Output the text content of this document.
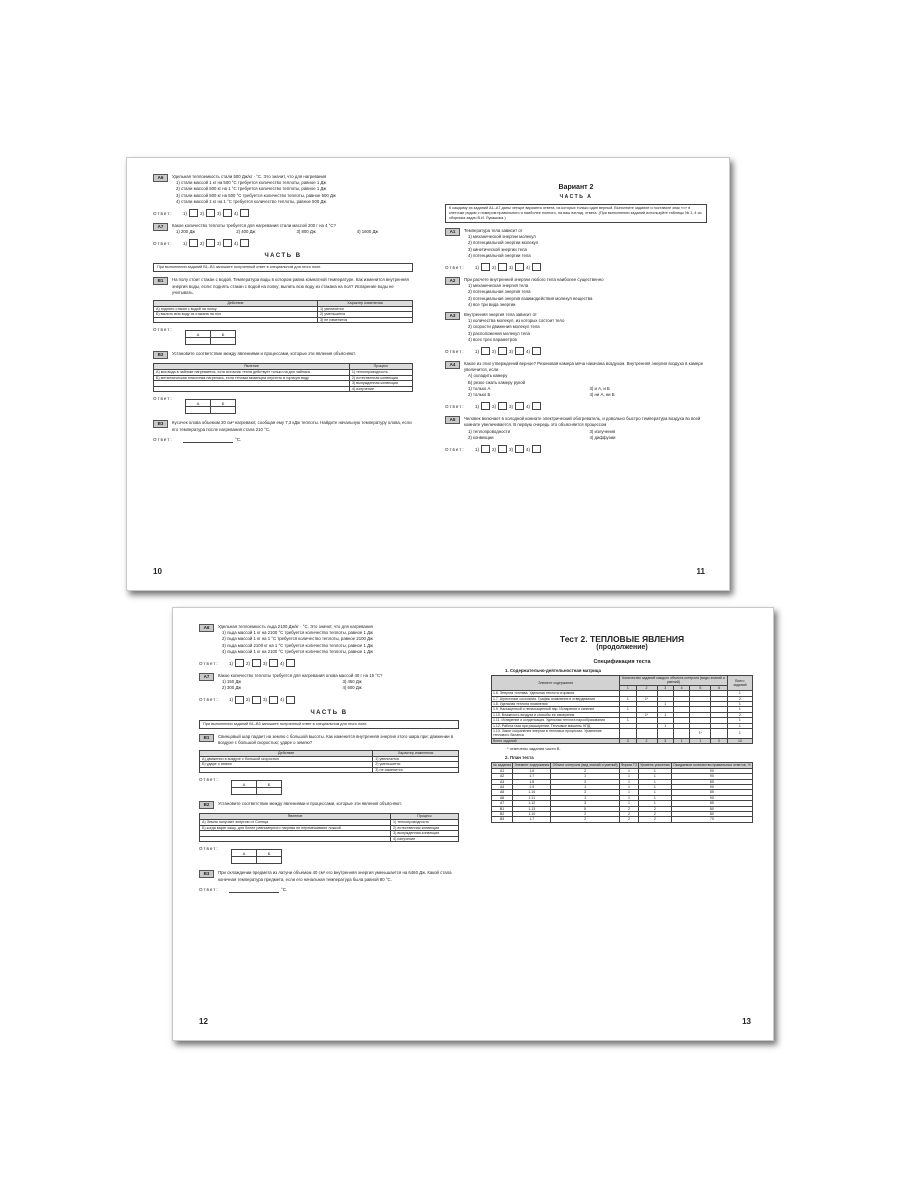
А6	Удельная теплоемкость стали 500 Дж/кг · °С. Это значит, что для нагревания
1) стали массой 1 кг на 500 °С требуется количество теплоты, равное 1 Дж
2) стали массой 500 кг на 1 °С требуется количество теплоты, равное 1 Дж
3) стали массой 500 кг на 500 °С требуется количество теплоты, равное 500 Дж
4) стали массой 1 кг на 1 °С требуется количество теплоты, равное 500 Дж
Ответ:	1)	2)	3)	4)
А7	Какое количество теплоты требуется для нагревания стали массой 200 г на 4 °С?
1) 200 Дж	2) 400 Дж	3) 800 Дж	4) 1600 Дж
Ответ:	1)	2)	3)	4)
ЧАСТЬ В
При выполнении заданий В1–В3 запишите полученный ответ в специальном для этого поле.
В1	На полу стоит стакан с водой. Температура воды в котором равна комнатной температуре. Как изменится внутренняя энергия воды, если: поднять стакан с водой на полку; вылить всю воду из стакана на пол? Испарение воды не учитывать.
Действие	Характер изменения
А) поднять стакан с водой на полку	1) увеличится
Б) вылить всю воду из стакана на пол	2) уменьшится
	3) не изменится
Ответ:
А	Б

В2	Установите соответствие между явлениями и процессами, которые эти явления объясняют.
Явление	Процесс
А) вся вода в чайнике нагревается, хотя источник тепла действует только на дно чайника	1) теплопроводность
Б) металлическая пластинка нагрелась, если теплым мизинцем опустить в горячую воду	2) естественная конвекция
	3) вынужденная конвекция
	4) излучение
Ответ:
А	Б

В3	Кусочек олова объемом 20 см³ нагревают, сообщая ему 7,3 кДж теплоты. Найдите начальную температуру олова, если его температура после нагревания стала 210 °С.
Ответ:	°С.
10
Вариант 2
ЧАСТЬ А
К каждому из заданий А1–А7 даны четыре варианта ответа, из которых только один верный. Выполните задание и поставьте знак «×» в клеточке рядом с номером правильного и наиболее полного, на ваш взгляд, ответа. (При выполнении заданий используйте таблицы № 1, 4 из сборника задач В.И. Лукашика.)
А1	Температура тела зависит от
1) механической энергии молекул
2) потенциальной энергии молекул
3) кинетической энергии тела
4) потенциальной энергии тела
Ответ:	1)	2)	3)	4)
А2	При расчете внутренней энергии любого тела наиболее существенно
1) механическая энергия тела
2) потенциальная энергия тела
3) потенциальная энергия взаимодействия молекул вещества
4) все три вида энергии
А3	Внутренняя энергия тела зависит от
1) количества молекул, из которых состоит тело
2) скорости движения молекул тела
3) расположения молекул тела
4) всех трех параметров
Ответ:	1)	2)	3)	4)
А4	Какое из этих утверждений верное? Резиновая камера мяча накачана воздухом. Внутренняя энергия воздуха в камере увеличится, если
А) охладить камеру
Б) резко сжать камеру рукой
1) только А
2) только Б
3) и А, и Б
4) ни А, ни Б
Ответ:	1)	2)	3)	4)
А5	Человек включает в холодной комнате электрический обогреватель, и довольно быстро температура воздуха во всей комнате увеличивается. В первую очередь это объясняется процессом
1) теплопроводности
2) конвекции
3) излучения
4) диффузии
Ответ:	1)	2)	3)	4)
11
А6	Удельная теплоемкость льда 2100 Дж/кг · °С. Это значит, что для нагревания
1) льда массой 1 кг на 2100 °С требуется количество теплоты, равное 1 Дж
2) льда массой 1 кг на 1 °С требуется количество теплоты, равное 2100 Дж
3) льда массой 2100 кг на 1 °С требуется количество теплоты, равное 1 Дж
4) льда массой 1 кг на 2100 °С требуется количество теплоты, равное 1 Дж
Ответ:	1)	2)	3)	4)
А7	Какое количество теплоты требуется для нагревания олова массой 40 г на 15 °С?
1) 150 Дж
2) 300 Дж
3) 450 Дж
4) 600 Дж
Ответ:	1)	2)	3)	4)
ЧАСТЬ В
При выполнении заданий В1–В3 запишите полученный ответ в специальном для этого поле.
В1	Свинцовый шар падает на землю с большой высоты. Как изменится внутренняя энергия этого шара при: движении в воздухе с большой скоростью; ударе о землю?
Действие	Характер изменения
А) движении в воздухе с большой скоростью	1) увеличится
Б) ударе о землю	2) уменьшится
	3) не изменится
Ответ:
А	Б

В2	Установите соответствие между явлениями и процессами, которые эти явления объясняют.
Явление	Процесс
А) Земля получает энергию от Солнца	1) теплопроводность
Б) когда варят кашу, для более равномерного нагрева ее перемешивают ложкой	2) естественная конвекция
	3) вынужденная конвекция
	4) излучение
Ответ:
А	Б

В3	При охлаждении предмета из латуни объемом 40 см³ его внутренняя энергия уменьшается на 6460 Дж. Какой стала конечная температура предмета, если его начальная температура была равной 80 °С.
Ответ:	°С.
12
Тест 2. ТЕПЛОВЫЕ ЯВЛЕНИЯ
(продолжение)
Спецификация теста
1. Содержательно-деятельностная матрица
Элемент содержания	Количество заданий каждого объекта контроля (виды знаний и умений)						Всего заданий
	1	2	3	4	5	6	
1.6. Энергия топлива. Удельная теплота сгорания							1
1.7. Агрегатные состояния. График плавления и отвердевания	1	1*					2
1.8. Удельная теплота плавления			1				1
1.9. Насыщенный и ненасыщенный пар. Испарение и кипение	1						1
1.10. Влажность воздуха и способы ее измерения		1*	1				2
1.11. Испарение и конденсация. Удельная теплота парообразования	1						1
1.12. Работа газа при расширении. Тепловые машины. КПД			1				1
1.13. Закон сохранения энергии в тепловых процессах. Уравнение теплового баланса					1*		1
Всего заданий	3	2	3	1	1	0	10
* отмечены задания части В.
2. План теста
№ задания	Элемент содержания	Объект контроля (вид знаний и умений)	Форма ТЗ	Уровень усвоения	Ожидаемое количество правильных ответов, %
А1	1.6	2	1	1	90
А2	1.7	1	1	1	90
А3	1.8	3	1	1	85
А4	1.9	1	1	1	90
А5	1.10	3	1	1	85
А6	1.11	1	1	1	90
А7	1.12	3	1	1	85
В1	1.13	5	2	2	80
В2	1.10	2	2	2	80
В3	1.7	2	2	2	70
13
